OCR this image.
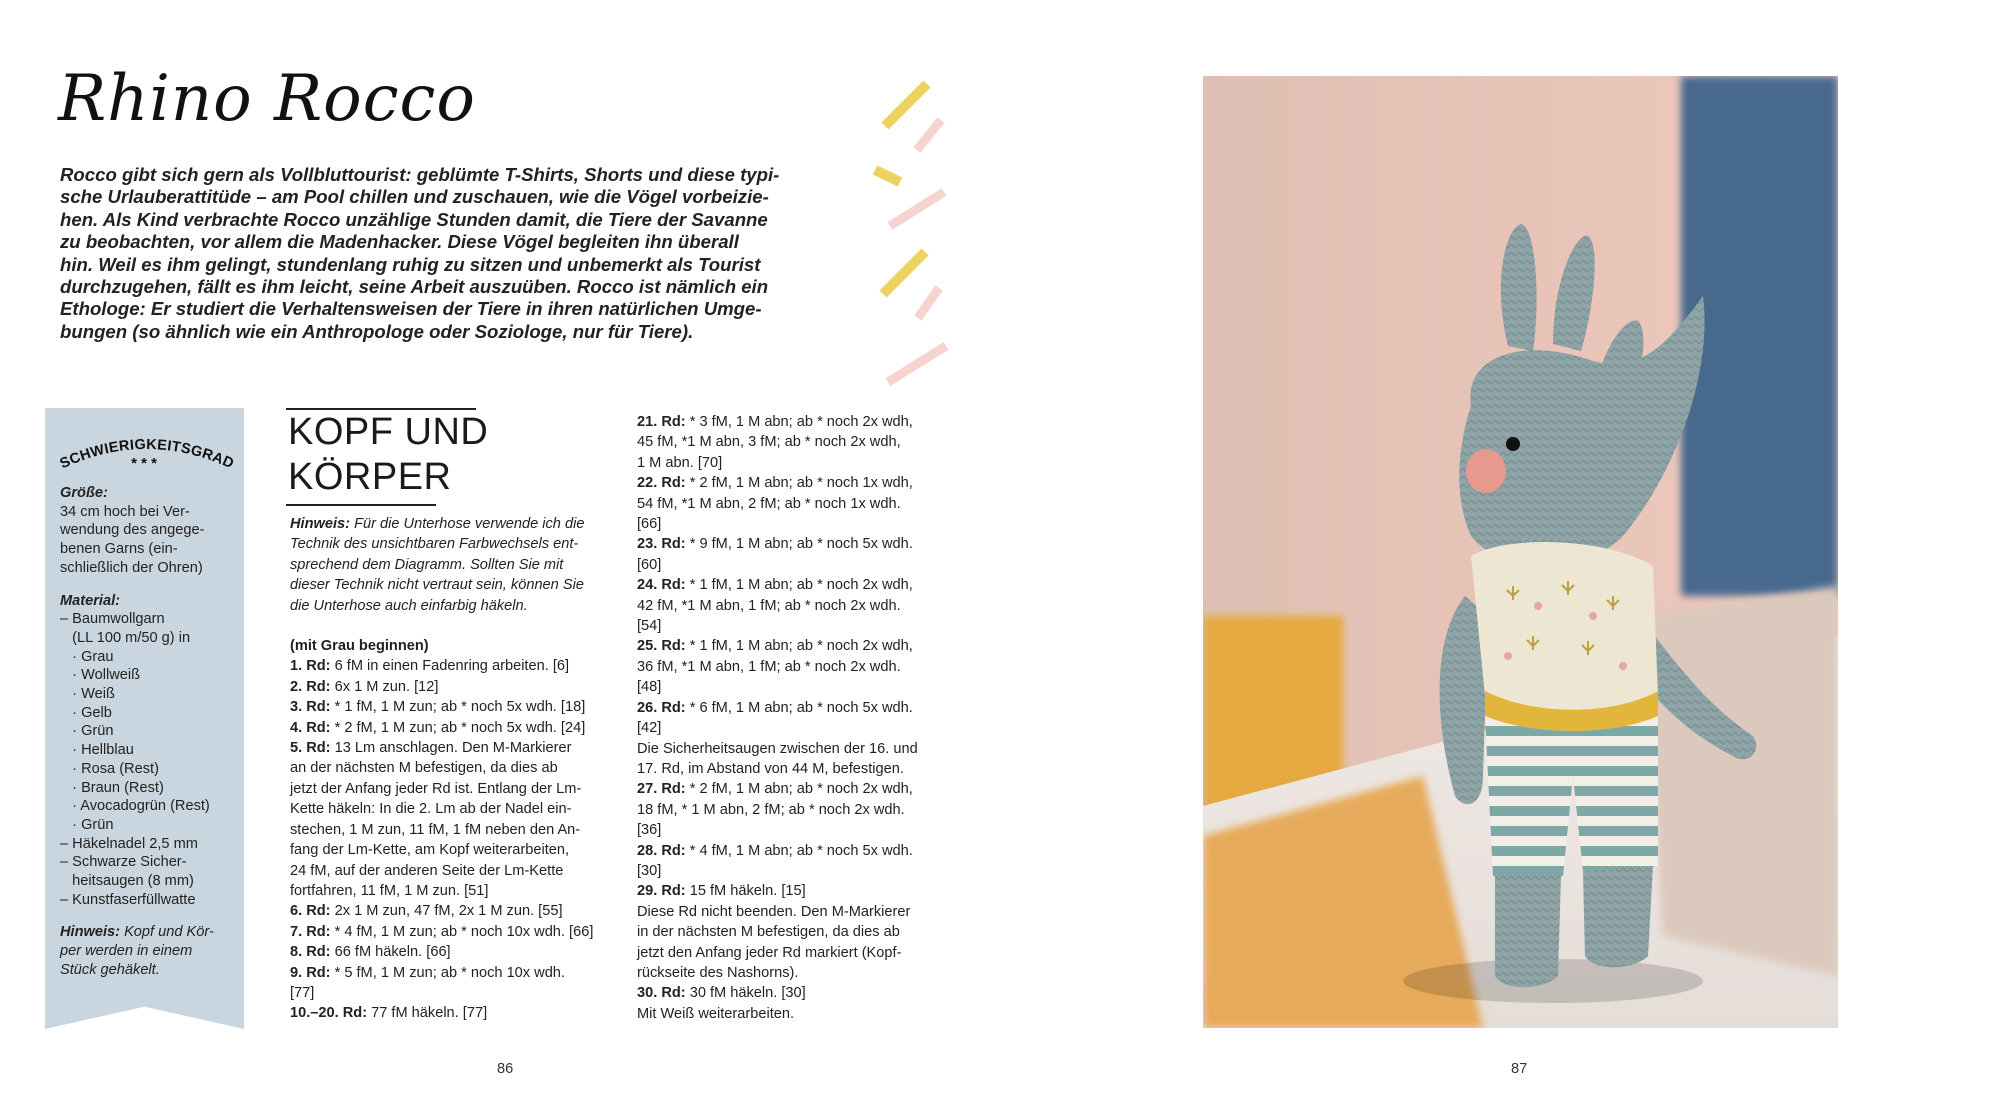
Rhino Rocco
Rocco gibt sich gern als Vollbluttourist: geblümte T-Shirts, Shorts und diese typi-
sche Urlauberattitüde – am Pool chillen und zuschauen, wie die Vögel vorbeizie-
hen. Als Kind verbrachte Rocco unzählige Stunden damit, die Tiere der Savanne
zu beobachten, vor allem die Madenhacker. Diese Vögel begleiten ihn überall
hin. Weil es ihm gelingt, stundenlang ruhig zu sitzen und unbemerkt als Tourist
durchzugehen, fällt es ihm leicht, seine Arbeit auszuüben. Rocco ist nämlich ein
Ethologe: Er studiert die Verhaltensweisen der Tiere in ihren natürlichen Umge-
bungen (so ähnlich wie ein Anthropologe oder Soziologe, nur für Tiere).
SCHWIERIGKEITSGRAD
* * *
Größe:
34 cm hoch bei Ver-
wendung des angege-
benen Garns (ein-
schließlich der Ohren)
Material:
– Baumwollgarn
(LL 100 m/50 g) in
· Grau
· Wollweiß
· Weiß
· Gelb
· Grün
· Hellblau
· Rosa (Rest)
· Braun (Rest)
· Avocadogrün (Rest)
· Grün
– Häkelnadel 2,5 mm
– Schwarze Sicher-
heitsaugen (8 mm)
– Kunstfaserfüllwatte
Hinweis: Kopf und Kör-
per werden in einem
Stück gehäkelt.
KOPF UND
KÖRPER
Hinweis: Für die Unterhose verwende ich die
Technik des unsichtbaren Farbwechsels ent-
sprechend dem Diagramm. Sollten Sie mit
dieser Technik nicht vertraut sein, können Sie
die Unterhose auch einfarbig häkeln.
(mit Grau beginnen)
1. Rd: 6 fM in einen Fadenring arbeiten. [6]
2. Rd: 6x 1 M zun. [12]
3. Rd: * 1 fM, 1 M zun; ab * noch 5x wdh. [18]
4. Rd: * 2 fM, 1 M zun; ab * noch 5x wdh. [24]
5. Rd: 13 Lm anschlagen. Den M-Markierer
an der nächsten M befestigen, da dies ab
jetzt der Anfang jeder Rd ist. Entlang der Lm-
Kette häkeln: In die 2. Lm ab der Nadel ein-
stechen, 1 M zun, 11 fM, 1 fM neben den An-
fang der Lm-Kette, am Kopf weiterarbeiten,
24 fM, auf der anderen Seite der Lm-Kette
fortfahren, 11 fM, 1 M zun. [51]
6. Rd: 2x 1 M zun, 47 fM, 2x 1 M zun. [55]
7. Rd: * 4 fM, 1 M zun; ab * noch 10x wdh. [66]
8. Rd: 66 fM häkeln. [66]
9. Rd: * 5 fM, 1 M zun; ab * noch 10x wdh.
[77]
10.–20. Rd: 77 fM häkeln. [77]
21. Rd: * 3 fM, 1 M abn; ab * noch 2x wdh,
45 fM, *1 M abn, 3 fM; ab * noch 2x wdh,
1 M abn. [70]
22. Rd: * 2 fM, 1 M abn; ab * noch 1x wdh,
54 fM, *1 M abn, 2 fM; ab * noch 1x wdh.
[66]
23. Rd: * 9 fM, 1 M abn; ab * noch 5x wdh.
[60]
24. Rd: * 1 fM, 1 M abn; ab * noch 2x wdh,
42 fM, *1 M abn, 1 fM; ab * noch 2x wdh.
[54]
25. Rd: * 1 fM, 1 M abn; ab * noch 2x wdh,
36 fM, *1 M abn, 1 fM; ab * noch 2x wdh.
[48]
26. Rd: * 6 fM, 1 M abn; ab * noch 5x wdh.
[42]
Die Sicherheitsaugen zwischen der 16. und
17. Rd, im Abstand von 44 M, befestigen.
27. Rd: * 2 fM, 1 M abn; ab * noch 2x wdh,
18 fM, * 1 M abn, 2 fM; ab * noch 2x wdh.
[36]
28. Rd: * 4 fM, 1 M abn; ab * noch 5x wdh.
[30]
29. Rd: 15 fM häkeln. [15]
Diese Rd nicht beenden. Den M-Markierer
in der nächsten M befestigen, da dies ab
jetzt den Anfang jeder Rd markiert (Kopf-
rückseite des Nashorns).
30. Rd: 30 fM häkeln. [30]
Mit Weiß weiterarbeiten.
86	87
